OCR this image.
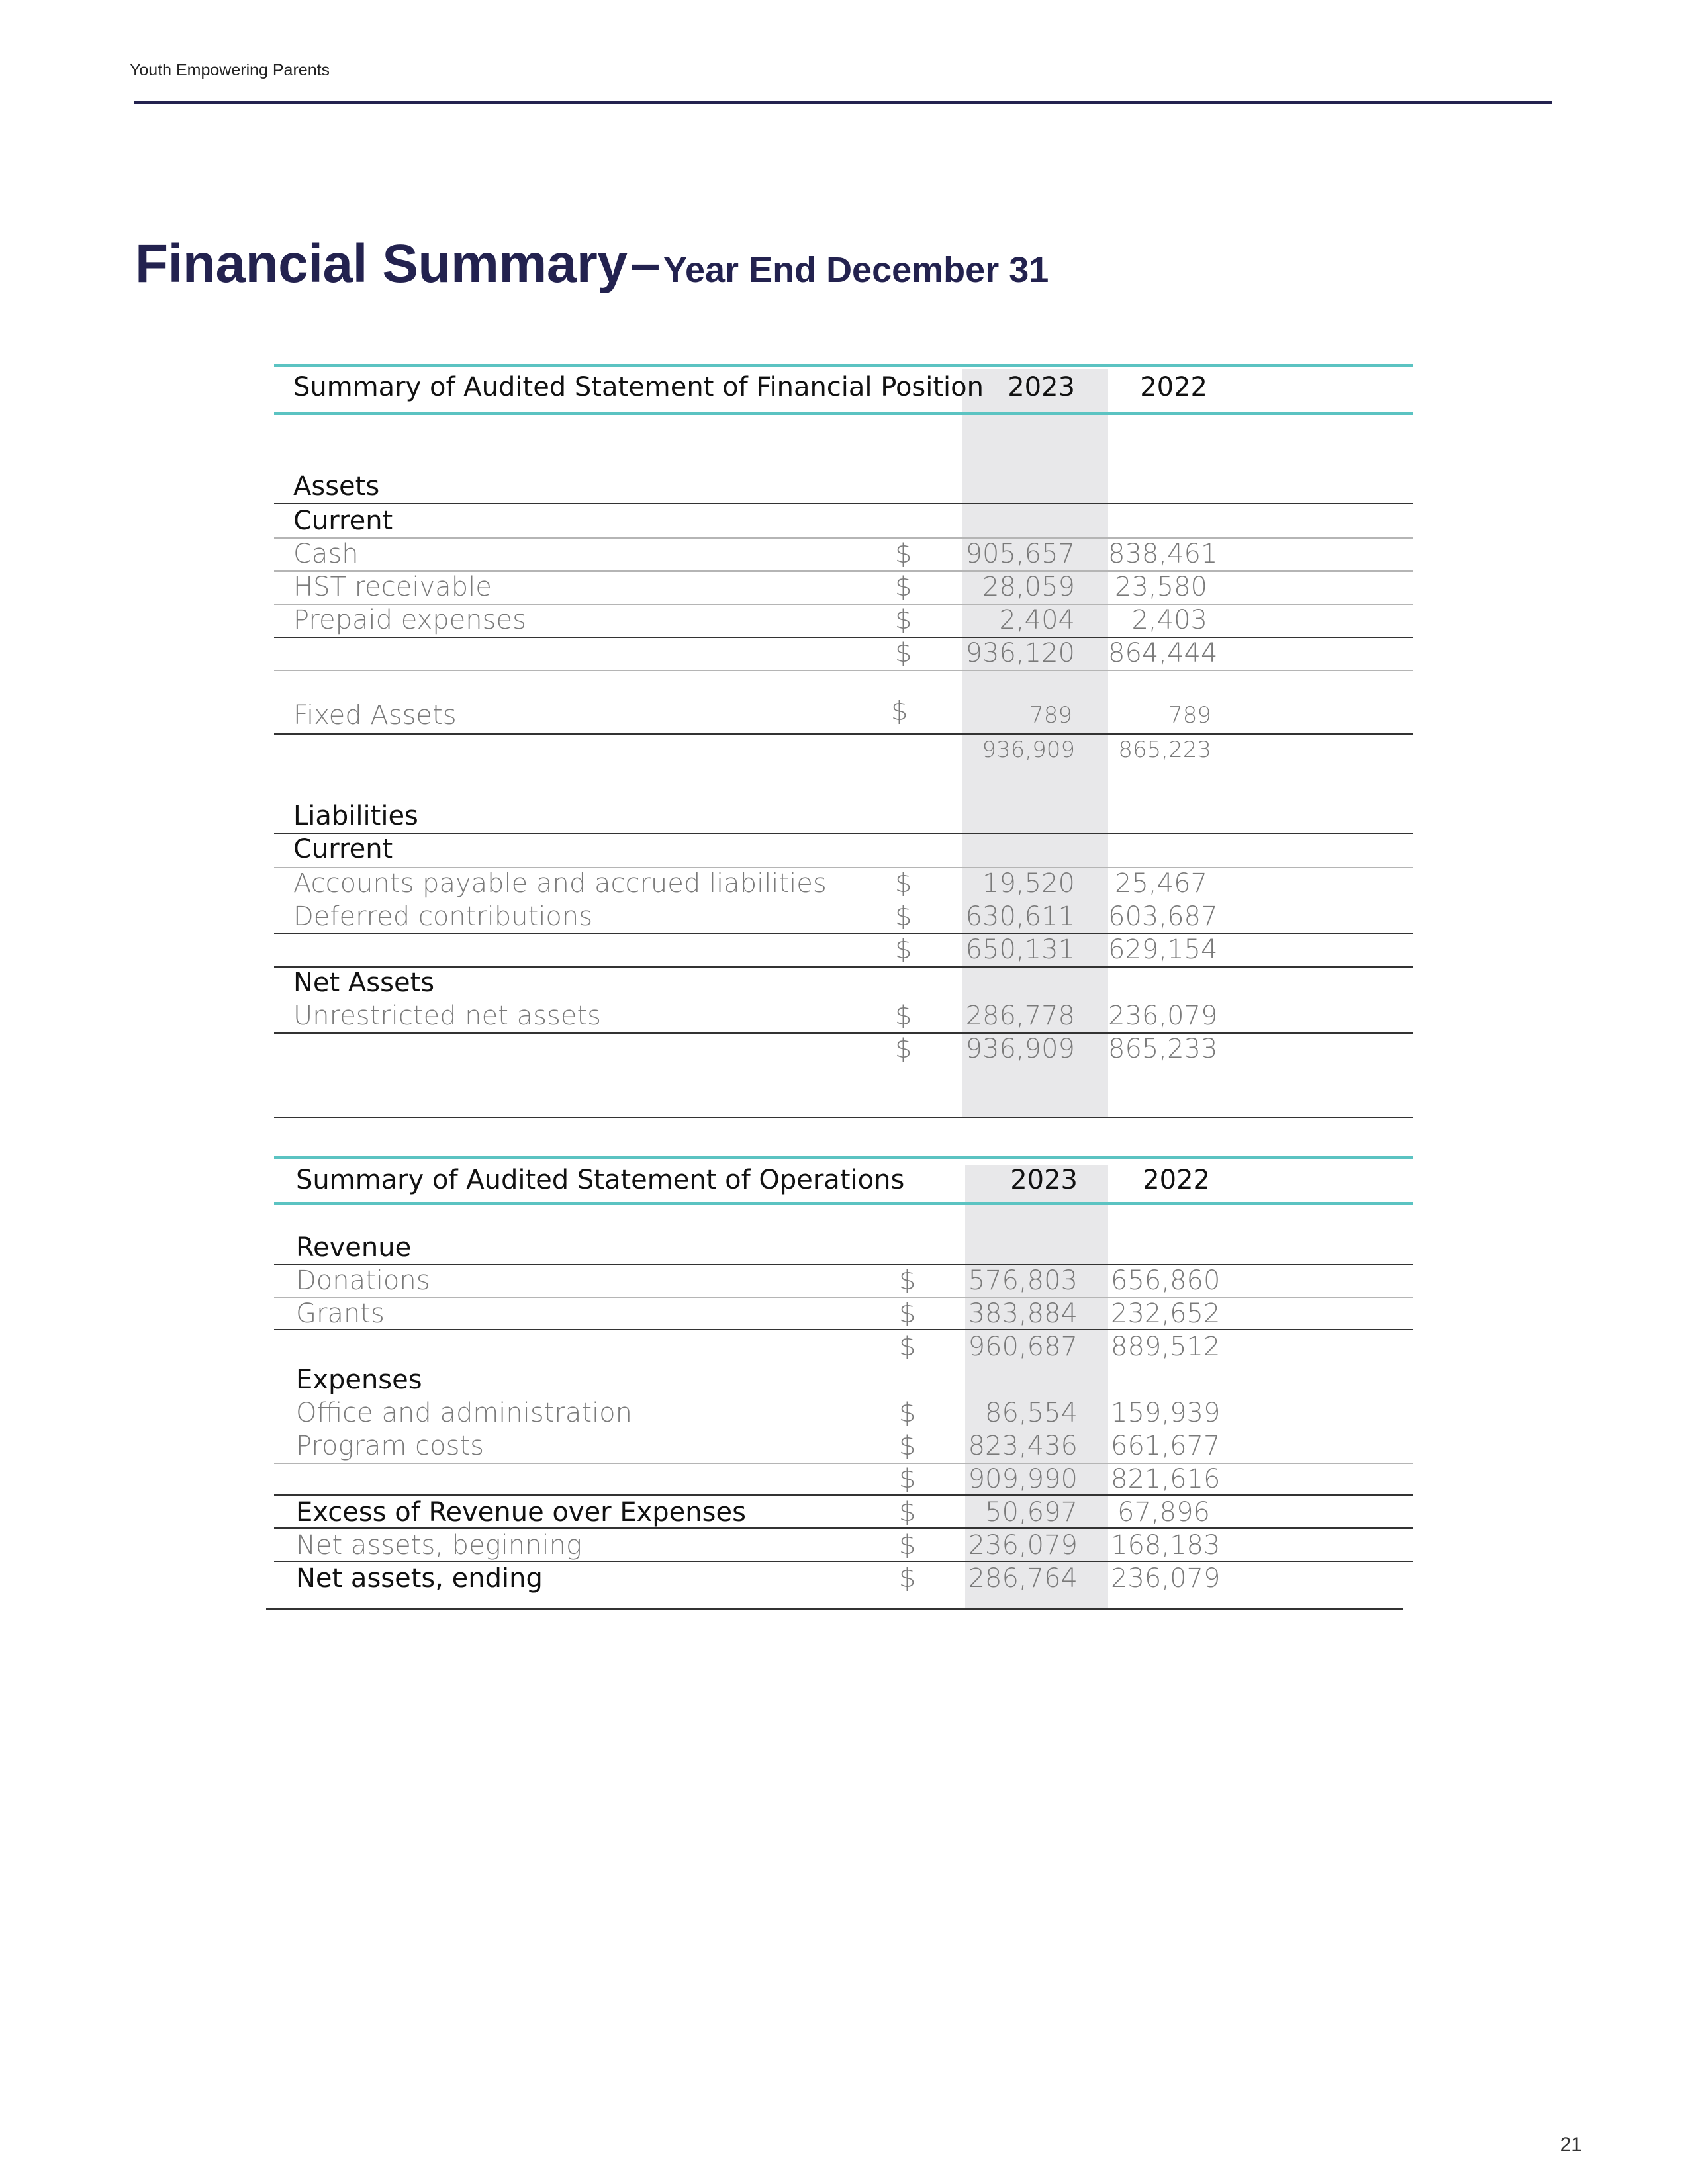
Youth Empowering Parents
Financial Summary – Year End December 31
Summary of Audited Statement of Financial Position 2023	2022
Assets
Current
Cash	$ 905,657 838,461
HST receivable	$	28,059 23,580
Prepaid expenses	$	2,404	2,403
$ 936,120 864,444
Fixed Assets	$	789	789
936,909	865,223
Liabilities
Current
Accounts payable and accrued liabilities	$	19,520 25,467
Deferred contributions	$ 630,611 603,687
$ 650,131 629,154
Net Assets
Unrestricted net assets	$ 286,778 236,079
$ 936,909 865,233
Summary of Audited Statement of Operations	2023	2022
Revenue
Donations	$ 576,803 656,860
Grants	$ 383,884 232,652
$ 960,687 889,512
Expenses
Office and administration	$	86,554 159,939
Program costs	$ 823,436 661,677
$ 909,990 821,616
Excess of Revenue over Expenses	$	50,697 67,896
Net assets, beginning	$ 236,079 168,183
Net assets, ending	$ 286,764 236,079
21
